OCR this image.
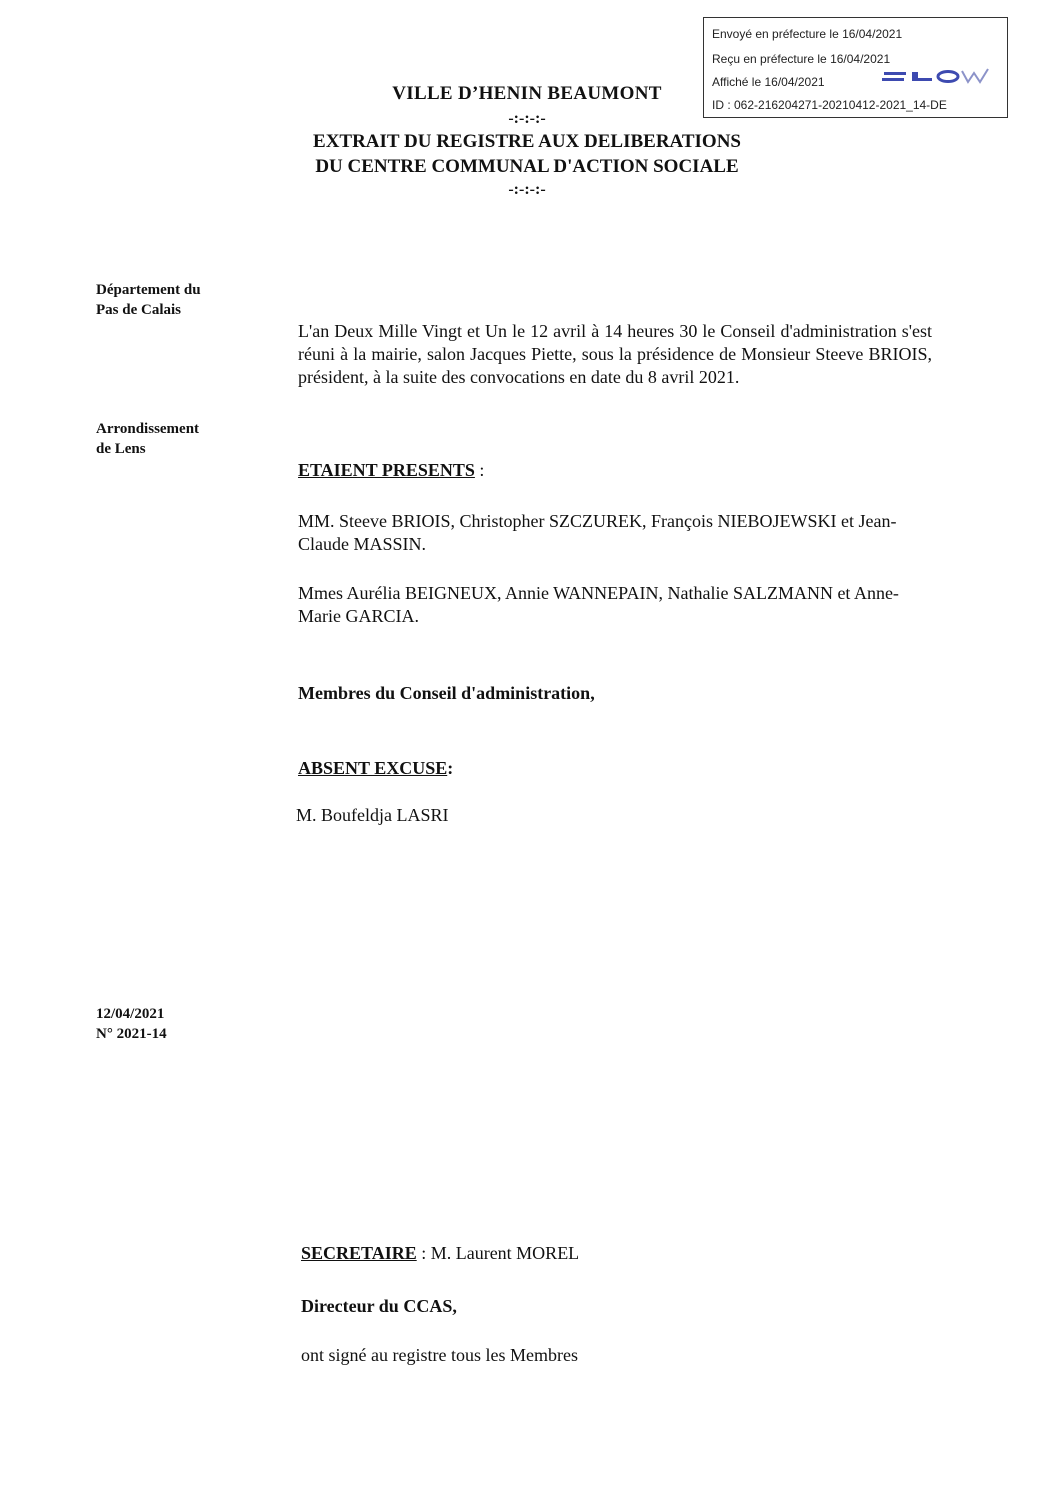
Envoyé en préfecture le 16/04/2021
Reçu en préfecture le 16/04/2021
Affiché le 16/04/2021
ID : 062-216204271-20210412-2021_14-DE
VILLE D’HENIN BEAUMONT
-:-:-:-
EXTRAIT DU REGISTRE AUX DELIBERATIONS
DU CENTRE COMMUNAL D'ACTION SOCIALE
-:-:-:-
Département du
Pas de Calais
Arrondissement
de Lens
12/04/2021
N° 2021-14
L'an Deux Mille Vingt et Un le 12 avril à 14 heures 30 le Conseil d'administration s'est réuni à la mairie, salon Jacques Piette, sous la présidence de Monsieur Steeve BRIOIS, président, à la suite des convocations en date du 8 avril 2021.
ETAIENT PRESENTS :
MM. Steeve BRIOIS, Christopher SZCZUREK, François NIEBOJEWSKI et Jean-Claude MASSIN.
Mmes Aurélia BEIGNEUX, Annie WANNEPAIN, Nathalie SALZMANN et Anne-Marie GARCIA.
Membres du Conseil d'administration,
ABSENT EXCUSE:
M. Boufeldja LASRI
SECRETAIRE : M. Laurent MOREL
Directeur du CCAS,
ont signé au registre tous les Membres
